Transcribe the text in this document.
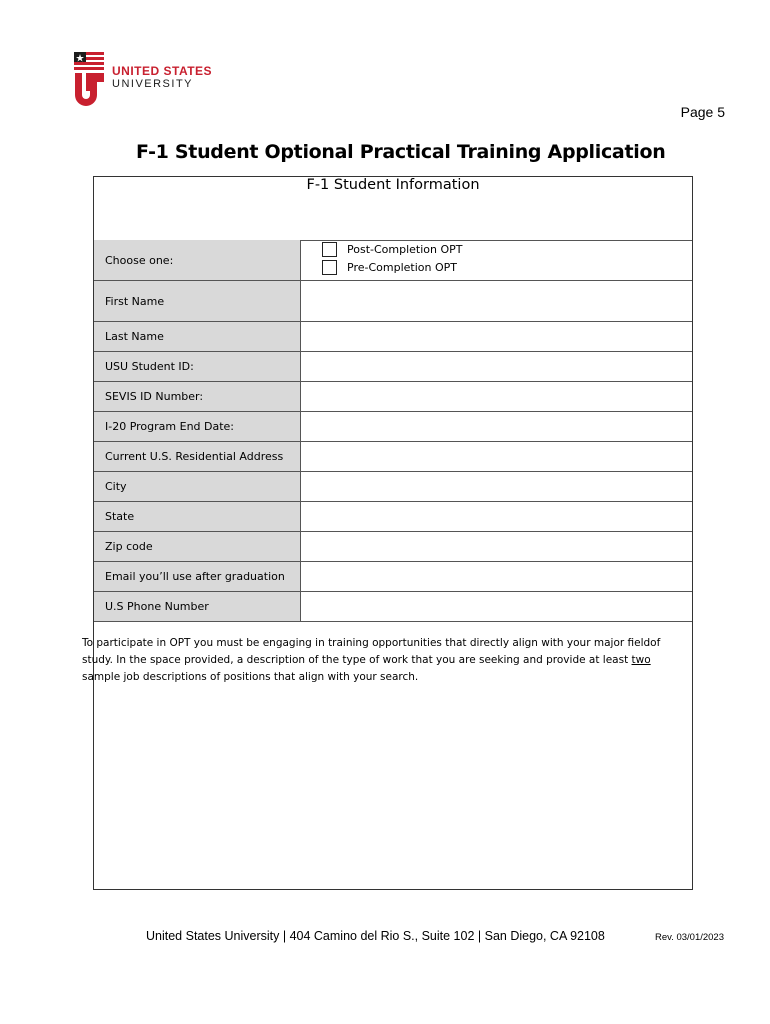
UNITED STATES
UNIVERSITY
Page 5
F-1 Student Optional Practical Training Application
F-1 Student Information
Choose one:
Post-Completion OPT
Pre-Completion OPT
First Name
Last Name
USU Student ID:
SEVIS ID Number:
I-20 Program End Date:
Current U.S. Residential Address
City
State
Zip code
Email you’ll use after graduation
U.S Phone Number
To participate in OPT you must be engaging in training opportunities that directly align with your major fieldof study. In the space provided, a description of the type of work that you are seeking and provide at least two sample job descriptions of positions that align with your search.
United States University | 404 Camino del Rio S., Suite 102 | San Diego, CA 92108	Rev. 03/01/2023
